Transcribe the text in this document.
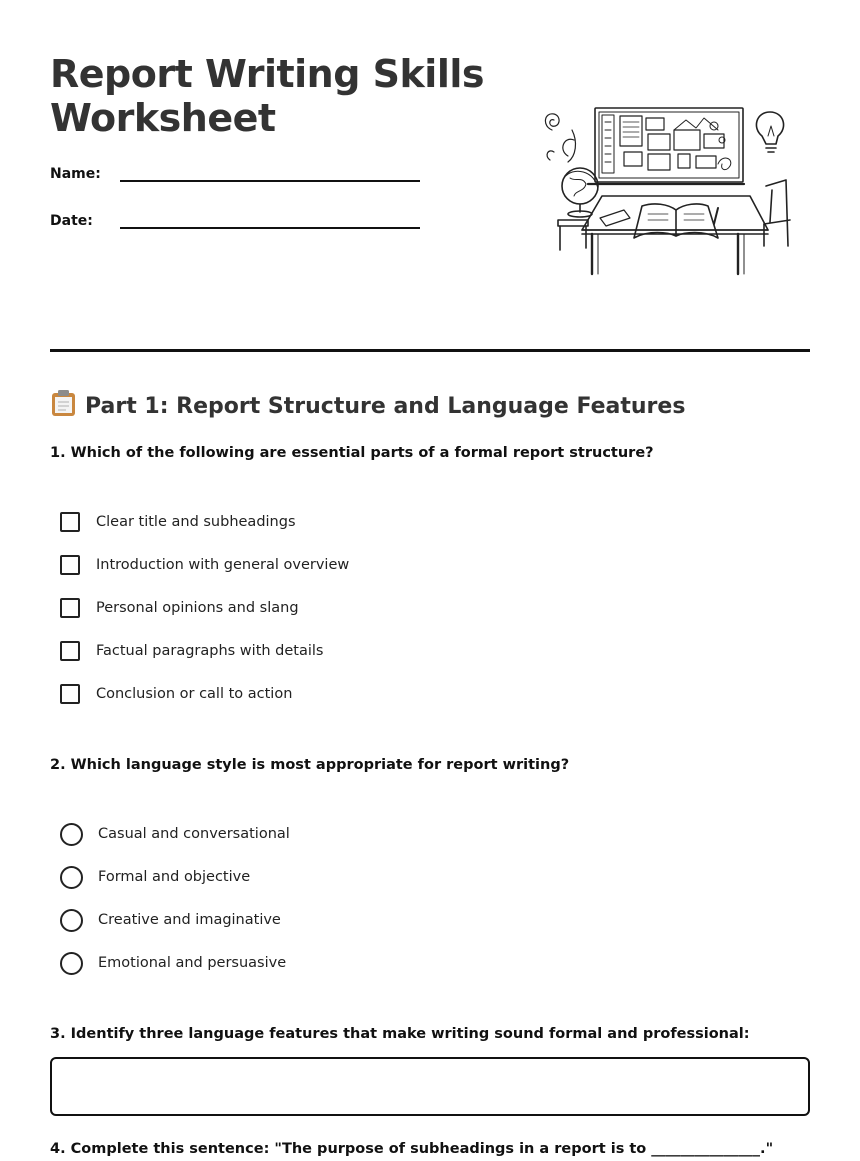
Report Writing Skills
Worksheet
Name:
Date:
Part 1: Report Structure and Language Features
1. Which of the following are essential parts of a formal report structure?
Clear title and subheadings
Introduction with general overview
Personal opinions and slang
Factual paragraphs with details
Conclusion or call to action
2. Which language style is most appropriate for report writing?
Casual and conversational
Formal and objective
Creative and imaginative
Emotional and persuasive
3. Identify three language features that make writing sound formal and professional:
4. Complete this sentence: "The purpose of subheadings in a report is to _______________."
